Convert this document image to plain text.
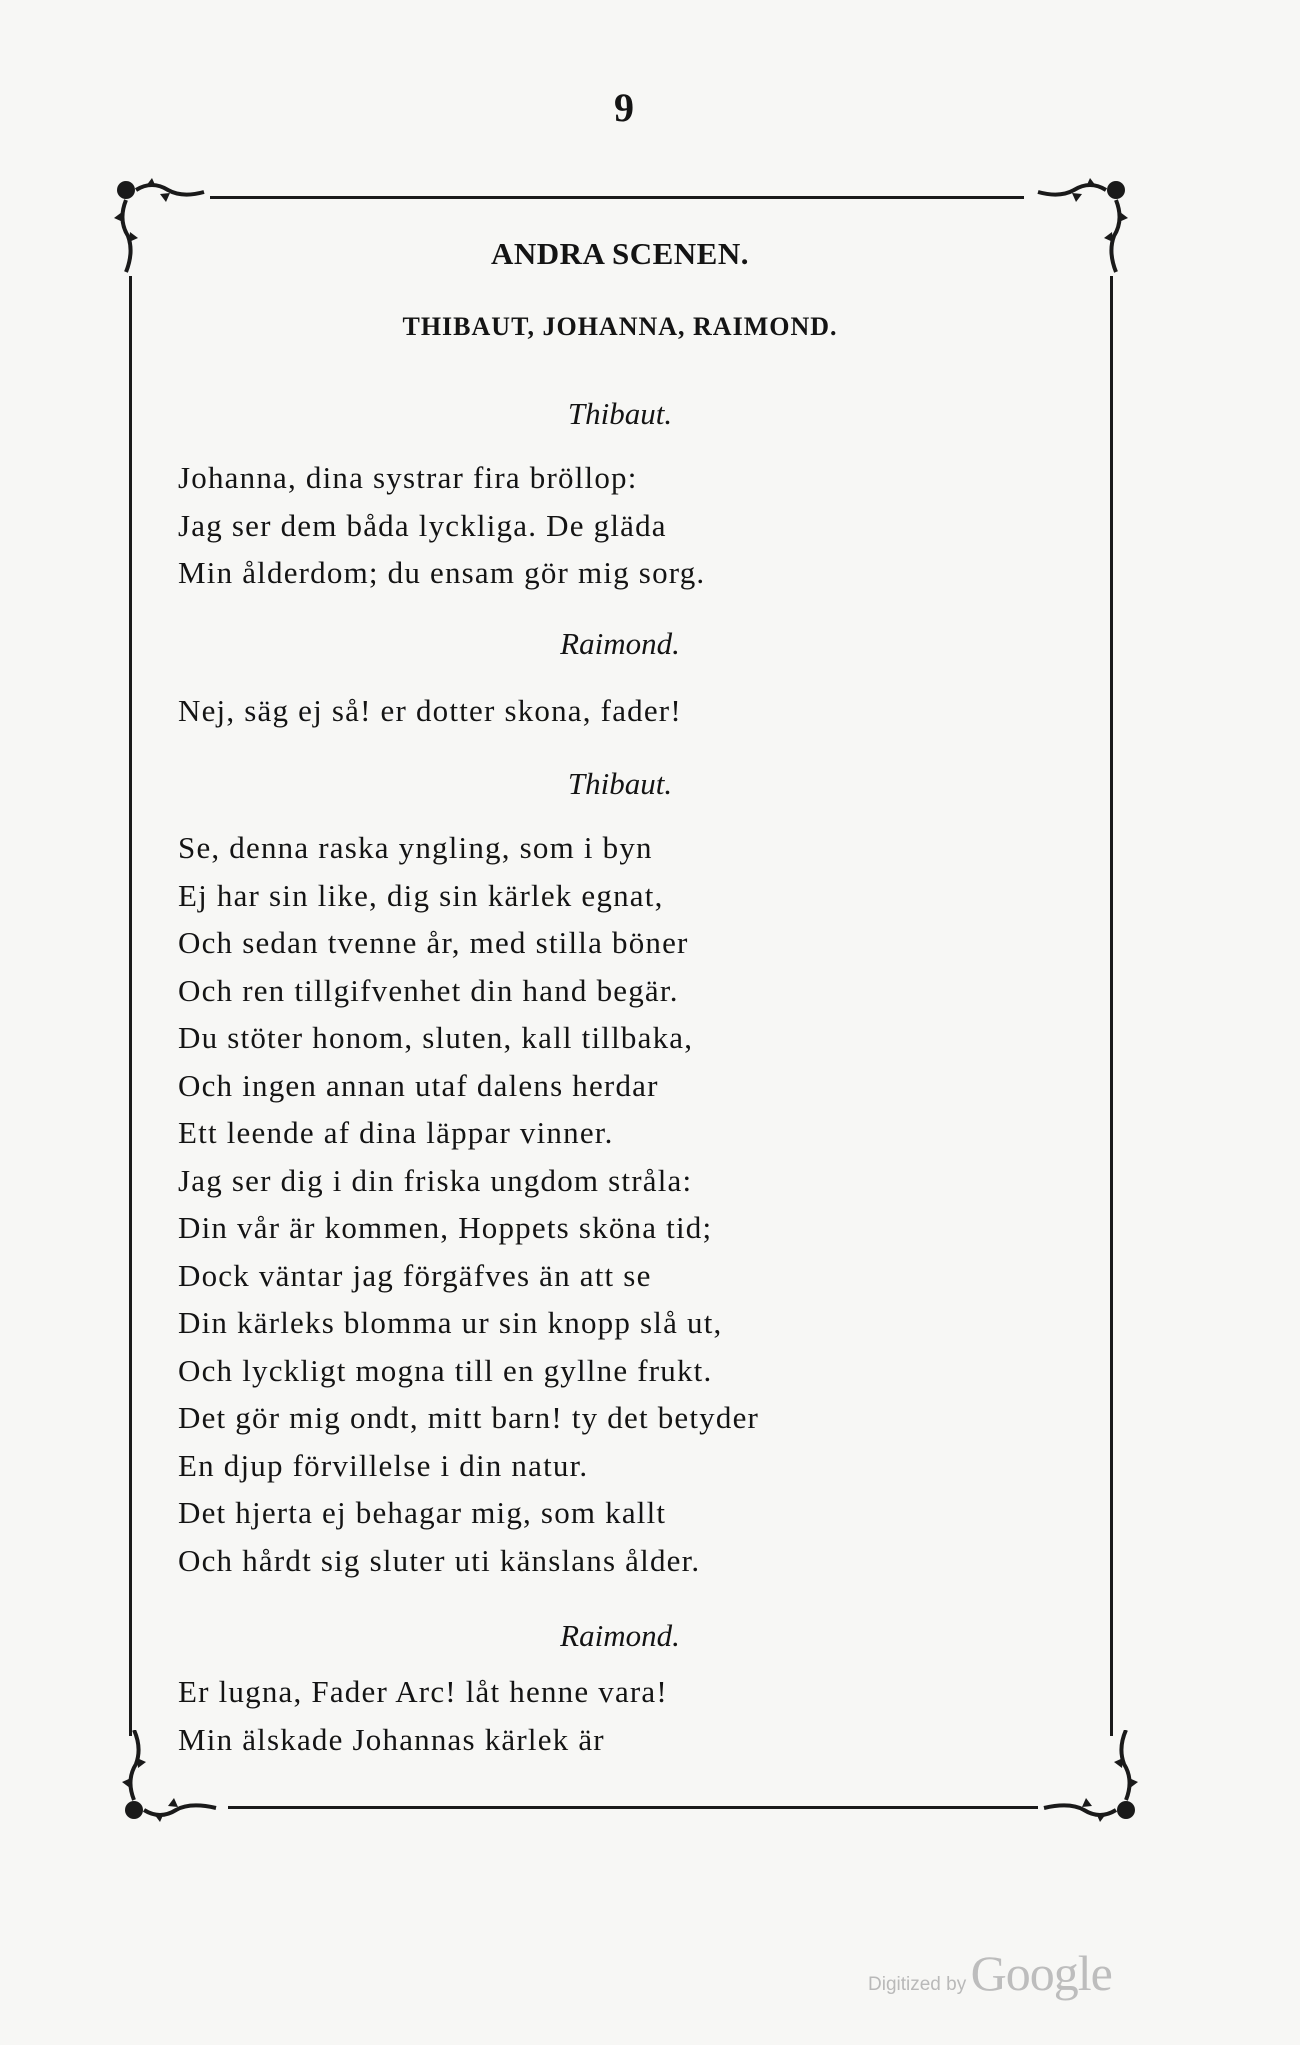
9
ANDRA SCENEN.
THIBAUT, JOHANNA, RAIMOND.
Thibaut.
Johanna, dina systrar fira bröllop:
Jag ser dem båda lyckliga. De gläda
Min ålderdom; du ensam gör mig sorg.
Raimond.
Nej, säg ej så! er dotter skona, fader!
Thibaut.
Se, denna raska yngling, som i byn
Ej har sin like, dig sin kärlek egnat,
Och sedan tvenne år, med stilla böner
Och ren tillgifvenhet din hand begär.
Du stöter honom, sluten, kall tillbaka,
Och ingen annan utaf dalens herdar
Ett leende af dina läppar vinner.
Jag ser dig i din friska ungdom stråla:
Din vår är kommen, Hoppets sköna tid;
Dock väntar jag förgäfves än att se
Din kärleks blomma ur sin knopp slå ut,
Och lyckligt mogna till en gyllne frukt.
Det gör mig ondt, mitt barn! ty det betyder
En djup förvillelse i din natur.
Det hjerta ej behagar mig, som kallt
Och hårdt sig sluter uti känslans ålder.
Raimond.
Er lugna, Fader Arc! låt henne vara!
Min älskade Johannas kärlek är
Digitized by Google
